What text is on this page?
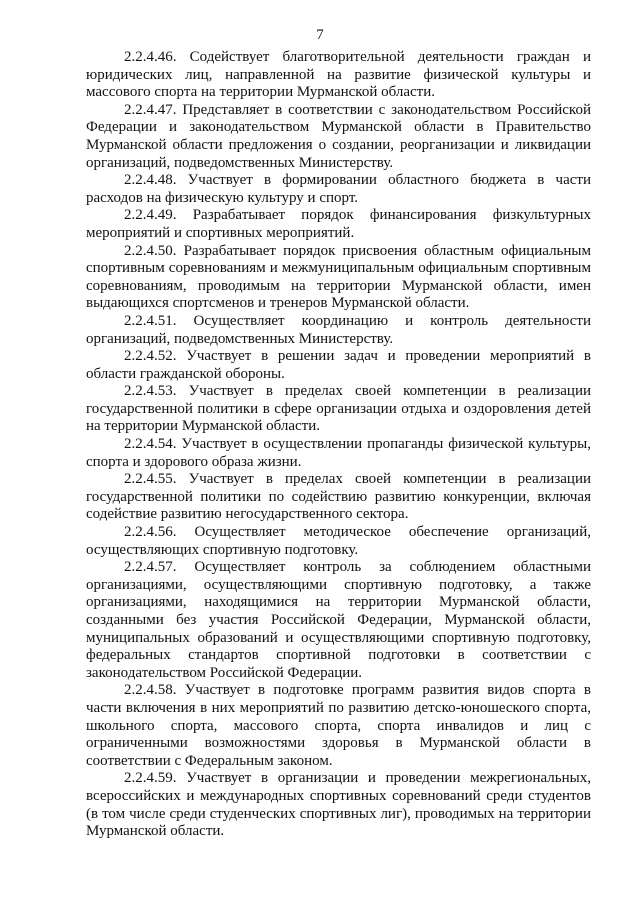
7

2.2.4.46. Содействует благотворительной деятельности граждан и юридических лиц, направленной на развитие физической культуры и массового спорта на территории Мурманской области.

2.2.4.47. Представляет в соответствии с законодательством Российской Федерации и законодательством Мурманской области в Правительство Мурманской области предложения о создании, реорганизации и ликвидации организаций, подведомственных Министерству.

2.2.4.48. Участвует в формировании областного бюджета в части расходов на физическую культуру и спорт.

2.2.4.49. Разрабатывает порядок финансирования физкультурных мероприятий и спортивных мероприятий.

2.2.4.50. Разрабатывает порядок присвоения областным официальным спортивным соревнованиям и межмуниципальным официальным спортивным соревнованиям, проводимым на территории Мурманской области, имен выдающихся спортсменов и тренеров Мурманской области.

2.2.4.51. Осуществляет координацию и контроль деятельности организаций, подведомственных Министерству.

2.2.4.52. Участвует в решении задач и проведении мероприятий в области гражданской обороны.

2.2.4.53. Участвует в пределах своей компетенции в реализации государственной политики в сфере организации отдыха и оздоровления детей на территории Мурманской области.

2.2.4.54. Участвует в осуществлении пропаганды физической культуры, спорта и здорового образа жизни.

2.2.4.55. Участвует в пределах своей компетенции в реализации государственной политики по содействию развитию конкуренции, включая содействие развитию негосударственного сектора.

2.2.4.56. Осуществляет методическое обеспечение организаций, осуществляющих спортивную подготовку.

2.2.4.57. Осуществляет контроль за соблюдением областными организациями, осуществляющими спортивную подготовку, а также организациями, находящимися на территории Мурманской области, созданными без участия Российской Федерации, Мурманской области, муниципальных образований и осуществляющими спортивную подготовку, федеральных стандартов спортивной подготовки в соответствии с законодательством Российской Федерации.

2.2.4.58. Участвует в подготовке программ развития видов спорта в части включения в них мероприятий по развитию детско-юношеского спорта, школьного спорта, массового спорта, спорта инвалидов и лиц с ограниченными возможностями здоровья в Мурманской области в соответствии с Федеральным законом.

2.2.4.59. Участвует в организации и проведении межрегиональных, всероссийских и международных спортивных соревнований среди студентов (в том числе среди студенческих спортивных лиг), проводимых на территории Мурманской области.
